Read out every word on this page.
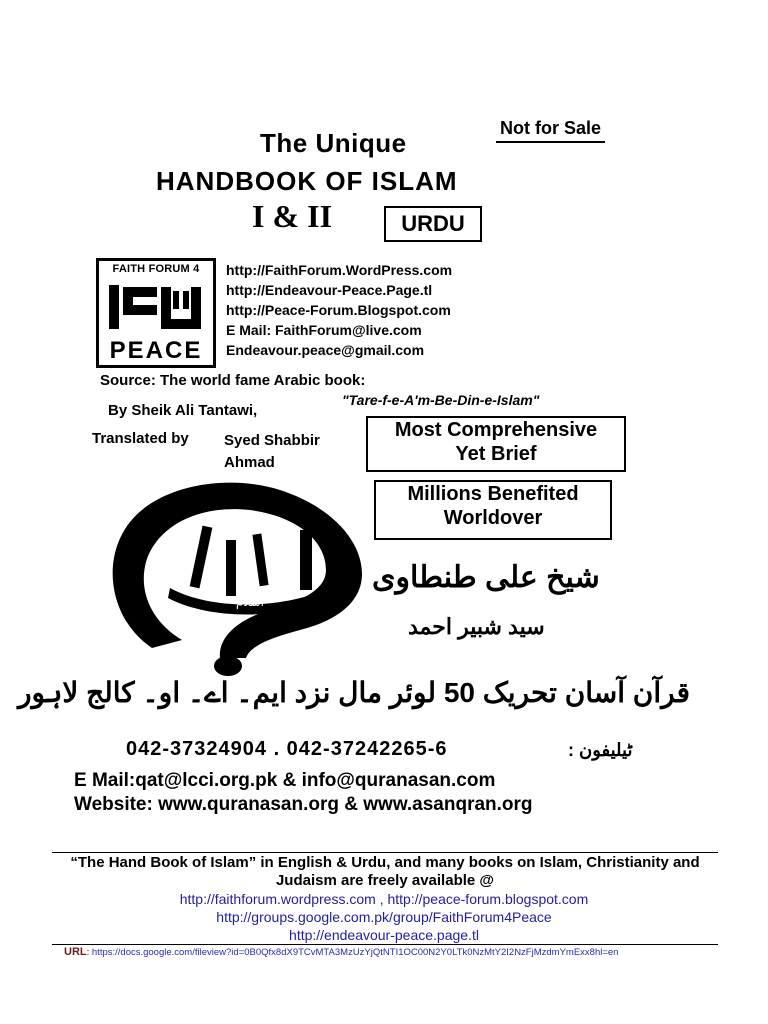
The Unique	Not for Sale
HANDBOOK OF ISLAM
I & II	URDU
FAITH FORUM 4
PEACE
http://FaithForum.WordPress.com
http://Endeavour-Peace.Page.tl
http://Peace-Forum.Blogspot.com
E Mail: FaithForum@live.com
Endeavour.peace@gmail.com
Source: The world fame Arabic book:
"Tare-f-e-A'm-Be-Din-e-Islam"
By Sheik Ali Tantawi,
Translated by Syed Shabbir Ahmad
Most Comprehensive
Yet Brief
Millions Benefited
Worldover
اسلام
شیخ علی طنطاوی
سید شبیر احمد
قرآن آسان تحریک 50 لوئر مال نزد ایم۔ اے۔ او۔ کالج لاہور
042-37324904 . 042-37242265-6	ٹیلیفون :
E Mail:qat@lcci.org.pk & info@quranasan.com
Website: www.quranasan.org & www.asanqran.org
“The Hand Book of Islam” in English & Urdu, and many books on Islam, Christianity and Judaism are freely available @
http://faithforum.wordpress.com , http://peace-forum.blogspot.com
http://groups.google.com.pk/group/FaithForum4Peace
http://endeavour-peace.page.tl
URL: https://docs.google.com/fileview?id=0B0Qfx8dX9TCvMTA3MzUzYjQtNTI1OC00N2Y0LTk0NzMtY2I2NzFjMzdmYmExx8hl=en
